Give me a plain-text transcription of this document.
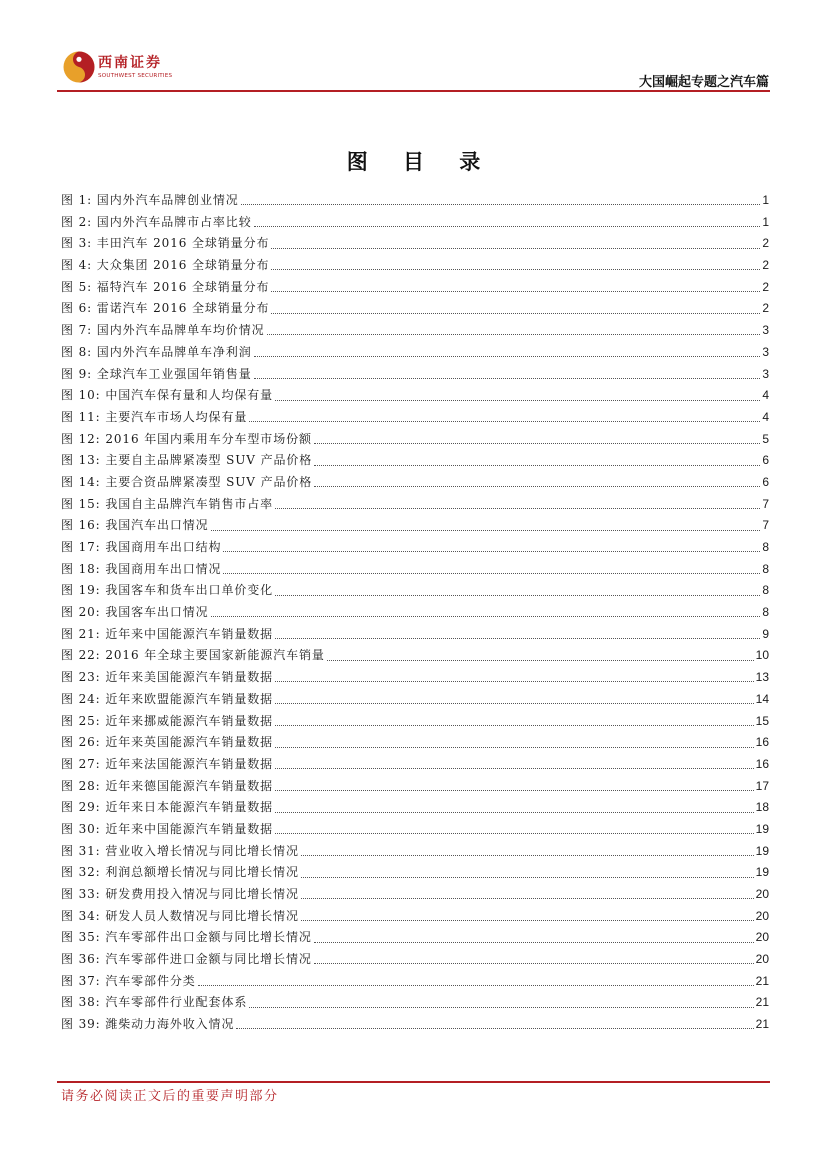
西南证券
SOUTHWEST SECURITIES	大国崛起专题之汽车篇
图 目 录
图 1: 国内外汽车品牌创业情况	1
图 2: 国内外汽车品牌市占率比较	1
图 3: 丰田汽车 2016 全球销量分布	2
图 4: 大众集团 2016 全球销量分布	2
图 5: 福特汽车 2016 全球销量分布	2
图 6: 雷诺汽车 2016 全球销量分布	2
图 7: 国内外汽车品牌单车均价情况	3
图 8: 国内外汽车品牌单车净利润	3
图 9: 全球汽车工业强国年销售量	3
图 10: 中国汽车保有量和人均保有量	4
图 11: 主要汽车市场人均保有量	4
图 12: 2016 年国内乘用车分车型市场份额	5
图 13: 主要自主品牌紧凑型 SUV 产品价格	6
图 14: 主要合资品牌紧凑型 SUV 产品价格	6
图 15: 我国自主品牌汽车销售市占率	7
图 16: 我国汽车出口情况	7
图 17: 我国商用车出口结构	8
图 18: 我国商用车出口情况	8
图 19: 我国客车和货车出口单价变化	8
图 20: 我国客车出口情况	8
图 21: 近年来中国能源汽车销量数据	9
图 22: 2016 年全球主要国家新能源汽车销量	10
图 23: 近年来美国能源汽车销量数据	13
图 24: 近年来欧盟能源汽车销量数据	14
图 25: 近年来挪威能源汽车销量数据	15
图 26: 近年来英国能源汽车销量数据	16
图 27: 近年来法国能源汽车销量数据	16
图 28: 近年来德国能源汽车销量数据	17
图 29: 近年来日本能源汽车销量数据	18
图 30: 近年来中国能源汽车销量数据	19
图 31: 营业收入增长情况与同比增长情况	19
图 32: 利润总额增长情况与同比增长情况	19
图 33: 研发费用投入情况与同比增长情况	20
图 34: 研发人员人数情况与同比增长情况	20
图 35: 汽车零部件出口金额与同比增长情况	20
图 36: 汽车零部件进口金额与同比增长情况	20
图 37: 汽车零部件分类	21
图 38: 汽车零部件行业配套体系	21
图 39: 潍柴动力海外收入情况	21
请务必阅读正文后的重要声明部分
